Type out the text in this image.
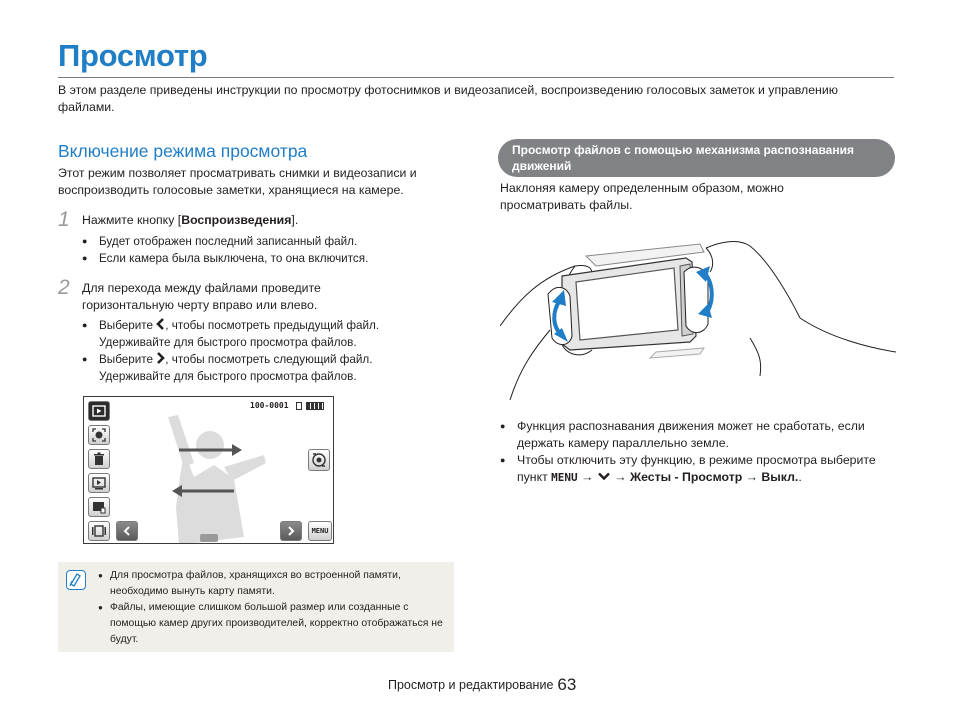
Просмотр
В этом разделе приведены инструкции по просмотру фотоснимков и видеозаписей, воспроизведению голосовых заметок и управлению файлами.
Включение режима просмотра
Этот режим позволяет просматривать снимки и видеозаписи и воспроизводить голосовые заметки, хранящиеся на камере.
1 Нажмите кнопку [Воспроизведения].
● Будет отображен последний записанный файл.
● Если камера была выключена, то она включится.
2 Для перехода между файлами проведите горизонтальную черту вправо или влево.
● Выберите , чтобы посмотреть предыдущий файл.
Удерживайте для быстрого просмотра файлов.
● Выберите , чтобы посмотреть следующий файл.
Удерживайте для быстрого просмотра файлов.
100-0001
MENU
● Для просмотра файлов, хранящихся во встроенной памяти, необходимо вынуть карту памяти.
● Файлы, имеющие слишком большой размер или созданные с помощью камер других производителей, корректно отображаться не будут.
Просмотр файлов с помощью механизма распознавания движений
Наклоняя камеру определенным образом, можно просматривать файлы.
● Функция распознавания движения может не сработать, если держать камеру параллельно земле.
● Чтобы отключить эту функцию, в режиме просмотра выберите пункт MENU → → Жесты - Просмотр → Выкл..
Просмотр и редактирование 63
